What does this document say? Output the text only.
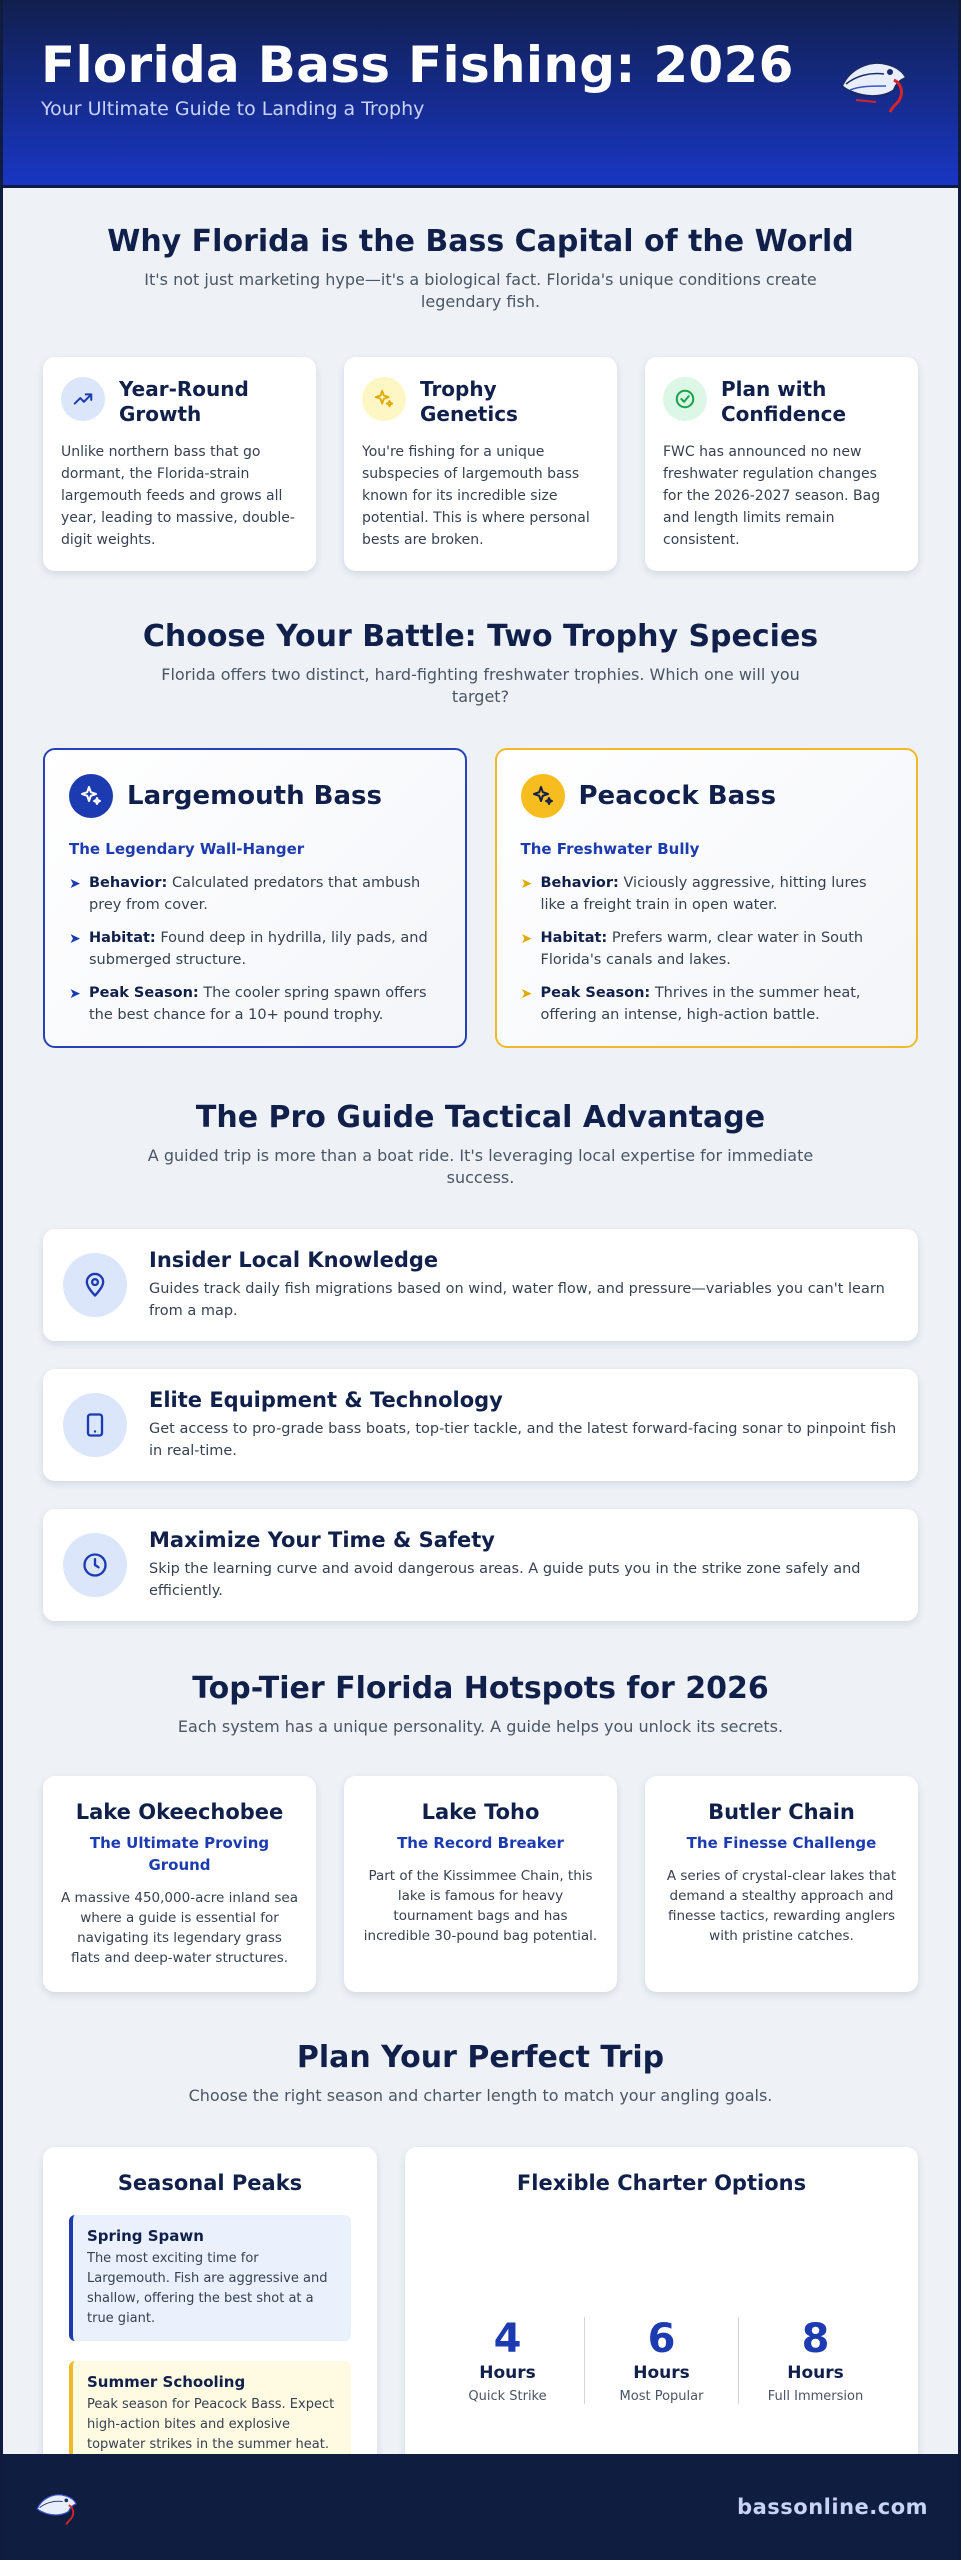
Florida Bass Fishing: 2026
Your Ultimate Guide to Landing a Trophy
Why Florida is the Bass Capital of the World

It's not just marketing hype—it's a biological fact. Florida's unique conditions create legendary fish.

Year-Round Growth

Unlike northern bass that go dormant, the Florida-strain largemouth feeds and grows all year, leading to massive, double-digit weights.

Trophy Genetics

You're fishing for a unique subspecies of largemouth bass known for its incredible size potential. This is where personal bests are broken.

Plan with Confidence

FWC has announced no new freshwater regulation changes for the 2026-2027 season. Bag and length limits remain consistent.

Choose Your Battle: Two Trophy Species

Florida offers two distinct, hard-fighting freshwater trophies. Which one will you target?

Largemouth Bass
The Legendary Wall-Hanger
➤ Behavior: Calculated predators that ambush prey from cover.
➤ Habitat: Found deep in hydrilla, lily pads, and submerged structure.
➤ Peak Season: The cooler spring spawn offers the best chance for a 10+ pound trophy.
Peacock Bass
The Freshwater Bully
➤ Behavior: Viciously aggressive, hitting lures like a freight train in open water.
➤ Habitat: Prefers warm, clear water in South Florida's canals and lakes.
➤ Peak Season: Thrives in the summer heat, offering an intense, high-action battle.
The Pro Guide Tactical Advantage

A guided trip is more than a boat ride. It's leveraging local expertise for immediate success.

Insider Local Knowledge

Guides track daily fish migrations based on wind, water flow, and pressure—variables you can't learn from a map.

Elite Equipment & Technology

Get access to pro-grade bass boats, top-tier tackle, and the latest forward-facing sonar to pinpoint fish in real-time.

Maximize Your Time & Safety

Skip the learning curve and avoid dangerous areas. A guide puts you in the strike zone safely and efficiently.

Top-Tier Florida Hotspots for 2026

Each system has a unique personality. A guide helps you unlock its secrets.

Lake Okeechobee
The Ultimate Proving Ground

A massive 450,000-acre inland sea where a guide is essential for navigating its legendary grass flats and deep-water structures.

Lake Toho
The Record Breaker

Part of the Kissimmee Chain, this lake is famous for heavy tournament bags and has incredible 30-pound bag potential.

Butler Chain
The Finesse Challenge

A series of crystal-clear lakes that demand a stealthy approach and finesse tactics, rewarding anglers with pristine catches.

Plan Your Perfect Trip

Choose the right season and charter length to match your angling goals.

Seasonal Peaks
Spring Spawn

The most exciting time for Largemouth. Fish are aggressive and shallow, offering the best shot at a true giant.

Summer Schooling

Peak season for Peacock Bass. Expect high-action bites and explosive topwater strikes in the summer heat.

Flexible Charter Options
4
Hours
Quick Strike
6
Hours
Most Popular
8
Hours
Full Immersion
bassonline.com
